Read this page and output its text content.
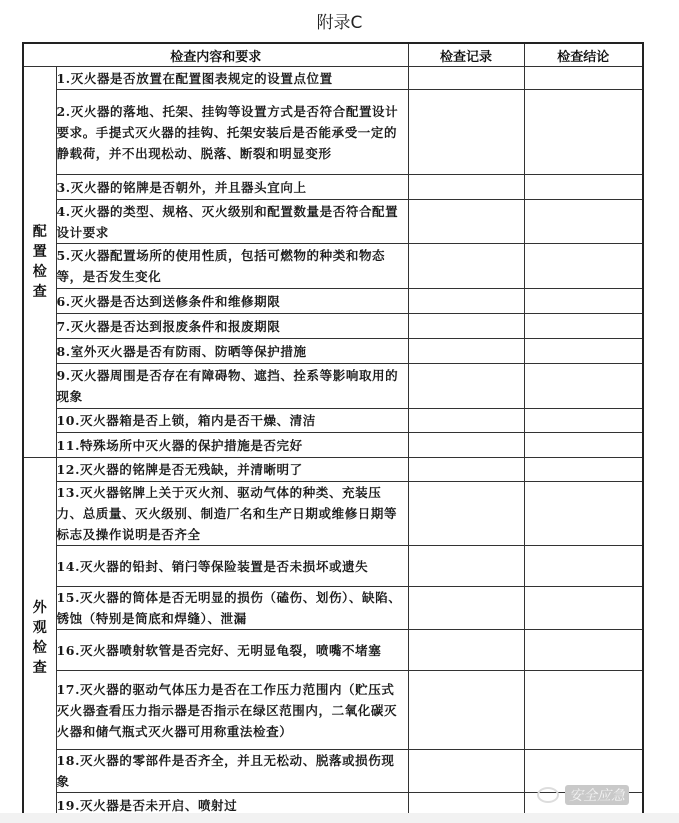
附录C
检查内容和要求		检查记录	检查结论

配
置
检
查	1.灭火器是否放置在配置图表规定的设置点位置		
	2.灭火器的落地、托架、挂钩等设置方式是否符合配置设计要求。手提式灭火器的挂钩、托架安装后是否能承受一定的静载荷，并不出现松动、脱落、断裂和明显变形		
	3.灭火器的铭牌是否朝外，并且器头宜向上		
	4.灭火器的类型、规格、灭火级别和配置数量是否符合配置设计要求		
	5.灭火器配置场所的使用性质，包括可燃物的种类和物态等，是否发生变化		
	6.灭火器是否达到送修条件和维修期限		
	7.灭火器是否达到报废条件和报废期限		
	8.室外灭火器是否有防雨、防晒等保护措施		
	9.灭火器周围是否存在有障碍物、遮挡、拴系等影响取用的现象		
	10.灭火器箱是否上锁，箱内是否干燥、清洁		
	11.特殊场所中灭火器的保护措施是否完好		

外
观
检
查	12.灭火器的铭牌是否无残缺，并清晰明了		
	13.灭火器铭牌上关于灭火剂、驱动气体的种类、充装压力、总质量、灭火级别、制造厂名和生产日期或维修日期等标志及操作说明是否齐全		
	14.灭火器的铅封、销闩等保险装置是否未损坏或遗失		
	15.灭火器的筒体是否无明显的损伤（磕伤、划伤）、缺陷、锈蚀（特别是筒底和焊缝）、泄漏		
	16.灭火器喷射软管是否完好、无明显龟裂，喷嘴不堵塞		
	17.灭火器的驱动气体压力是否在工作压力范围内（贮压式灭火器查看压力指示器是否指示在绿区范围内，二氧化碳灭火器和储气瓶式灭火器可用称重法检查）		
	18.灭火器的零部件是否齐全，并且无松动、脱落或损伤现象		
	19.灭火器是否未开启、喷射过		
安全应急
